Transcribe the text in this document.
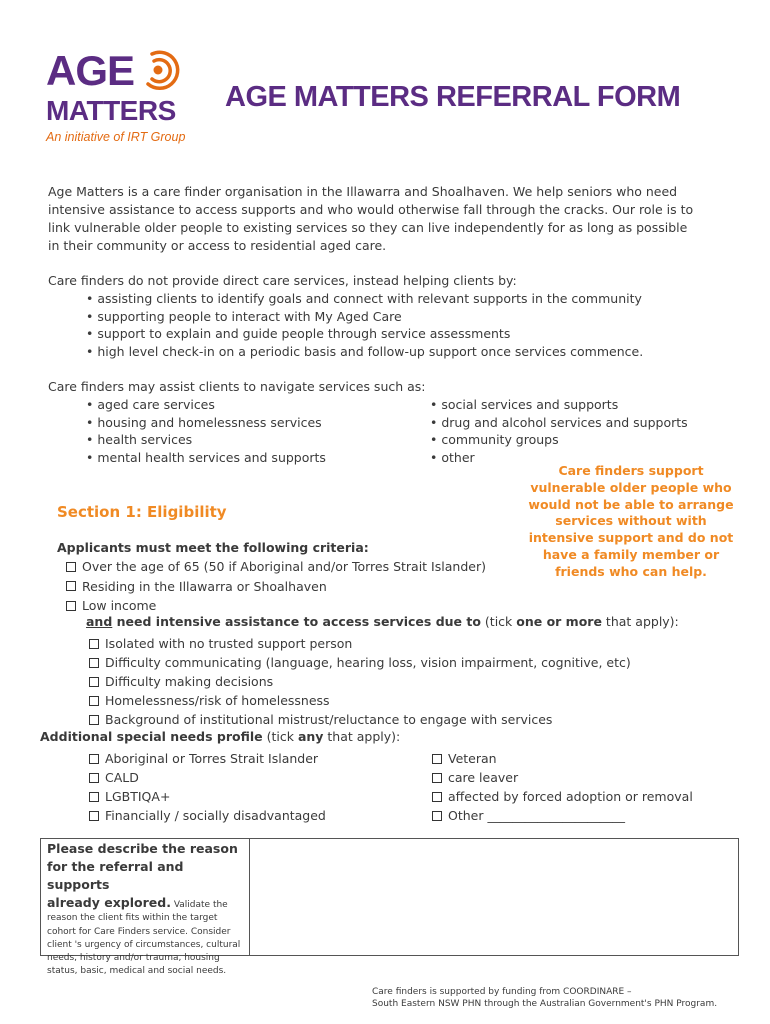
AGE
MATTERS
An initiative of IRT Group
AGE MATTERS REFERRAL FORM
Age Matters is a care finder organisation in the Illawarra and Shoalhaven. We help seniors who need
intensive assistance to access supports and who would otherwise fall through the cracks. Our role is to
link vulnerable older people to existing services so they can live independently for as long as possible
in their community or access to residential aged care.
Care finders do not provide direct care services, instead helping clients by:
• assisting clients to identify goals and connect with relevant supports in the community
• supporting people to interact with My Aged Care
• support to explain and guide people through service assessments
• high level check-in on a periodic basis and follow-up support once services commence.
Care finders may assist clients to navigate services such as:
• aged care services
• housing and homelessness services
• health services
• mental health services and supports
• social services and supports
• drug and alcohol services and supports
• community groups
• other
Care finders support
vulnerable older people who
would not be able to arrange
services without with
intensive support and do not
have a family member or
friends who can help.
Section 1: Eligibility
Applicants must meet the following criteria:
Over the age of 65 (50 if Aboriginal and/or Torres Strait Islander)
Residing in the Illawarra or Shoalhaven
Low income
and need intensive assistance to access services due to (tick one or more that apply):
Isolated with no trusted support person
Difficulty communicating (language, hearing loss, vision impairment, cognitive, etc)
Difficulty making decisions
Homelessness/risk of homelessness
Background of institutional mistrust/reluctance to engage with services
Additional special needs profile (tick any that apply):
Aboriginal or Torres Strait Islander
CALD
LGBTIQA+
Financially / socially disadvantaged
Veteran
care leaver
affected by forced adoption or removal
Other ______________________
Please describe the reason
for the referral and supports
already explored. Validate the
reason the client fits within the target
cohort for Care Finders service. Consider
client 's urgency of circumstances, cultural
needs, history and/or trauma, housing
status, basic, medical and social needs.
Care finders is supported by funding from COORDINARE –
South Eastern NSW PHN through the Australian Government's PHN Program.
